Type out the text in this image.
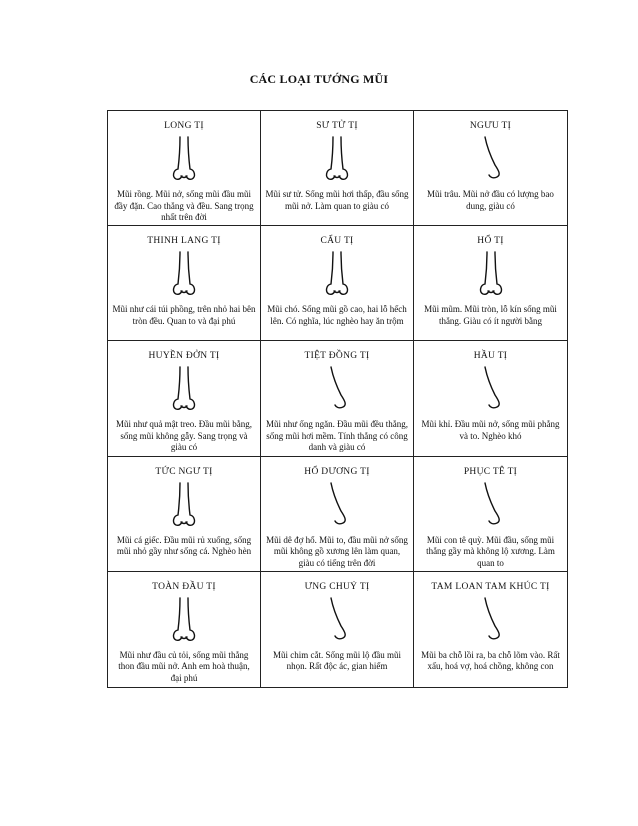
CÁC LOẠI TƯỚNG MŨI
LONG TỊ
Mũi rồng. Mũi nở, sống mũi đầu mũi đầy đặn. Cao thẳng và đều. Sang trọng nhất trên đời
SƯ TỬ TỊ
Mũi sư tử. Sống mũi hơi thấp, đầu sống mũi nở. Làm quan to giàu có
NGƯU TỊ
Mũi trâu. Mũi nở đầu có lượng bao dung, giàu có
THINH LANG TỊ
Mũi như cái túi phồng, trên nhỏ hai bên tròn đều. Quan to và đại phú
CẨU TỊ
Mũi chó. Sống mũi gồ cao, hai lỗ hếch lên. Có nghĩa, lúc nghèo hay ăn trộm
HỔ TỊ
Mũi mũm. Mũi tròn, lỗ kín sống mũi thẳng. Giàu có ít người bằng
HUYỀN ĐỞN TỊ
Mũi như quả mật treo. Đầu mũi bằng, sống mũi không gẫy. Sang trọng và giàu có
TIỆT ĐỒNG TỊ
Mũi như ống ngăn. Đầu mũi đều thẳng, sống mũi hơi mềm. Tính thẳng có công danh và giàu có
HẦU TỊ
Mũi khỉ. Đầu mũi nở, sống mũi phẳng và to. Nghèo khó
TỨC NGƯ TỊ
Mũi cá giếc. Đầu mũi rủ xuống, sống mũi nhỏ gầy như sống cá. Nghèo hèn
HỔ DƯƠNG TỊ
Mũi dê đợ hổ. Mũi to, đầu mũi nở sống mũi không gồ xương lên làm quan, giàu có tiếng trên đời
PHỤC TÊ TỊ
Mũi con tê quỳ. Mũi đầu, sống mũi thẳng gầy mà không lộ xương. Làm quan to
TOÀN ĐẦU TỊ
Mũi như đầu củ tỏi, sống mũi thẳng thon đầu mũi nở. Anh em hoà thuận, đại phú
ƯNG CHUỶ TỊ
Mũi chim cắt. Sống mũi lộ đầu mũi nhọn. Rất độc ác, gian hiểm
TAM LOAN TAM KHÚC TỊ
Mũi ba chỗ lồi ra, ba chỗ lõm vào. Rất xấu, hoá vợ, hoá chồng, không con
